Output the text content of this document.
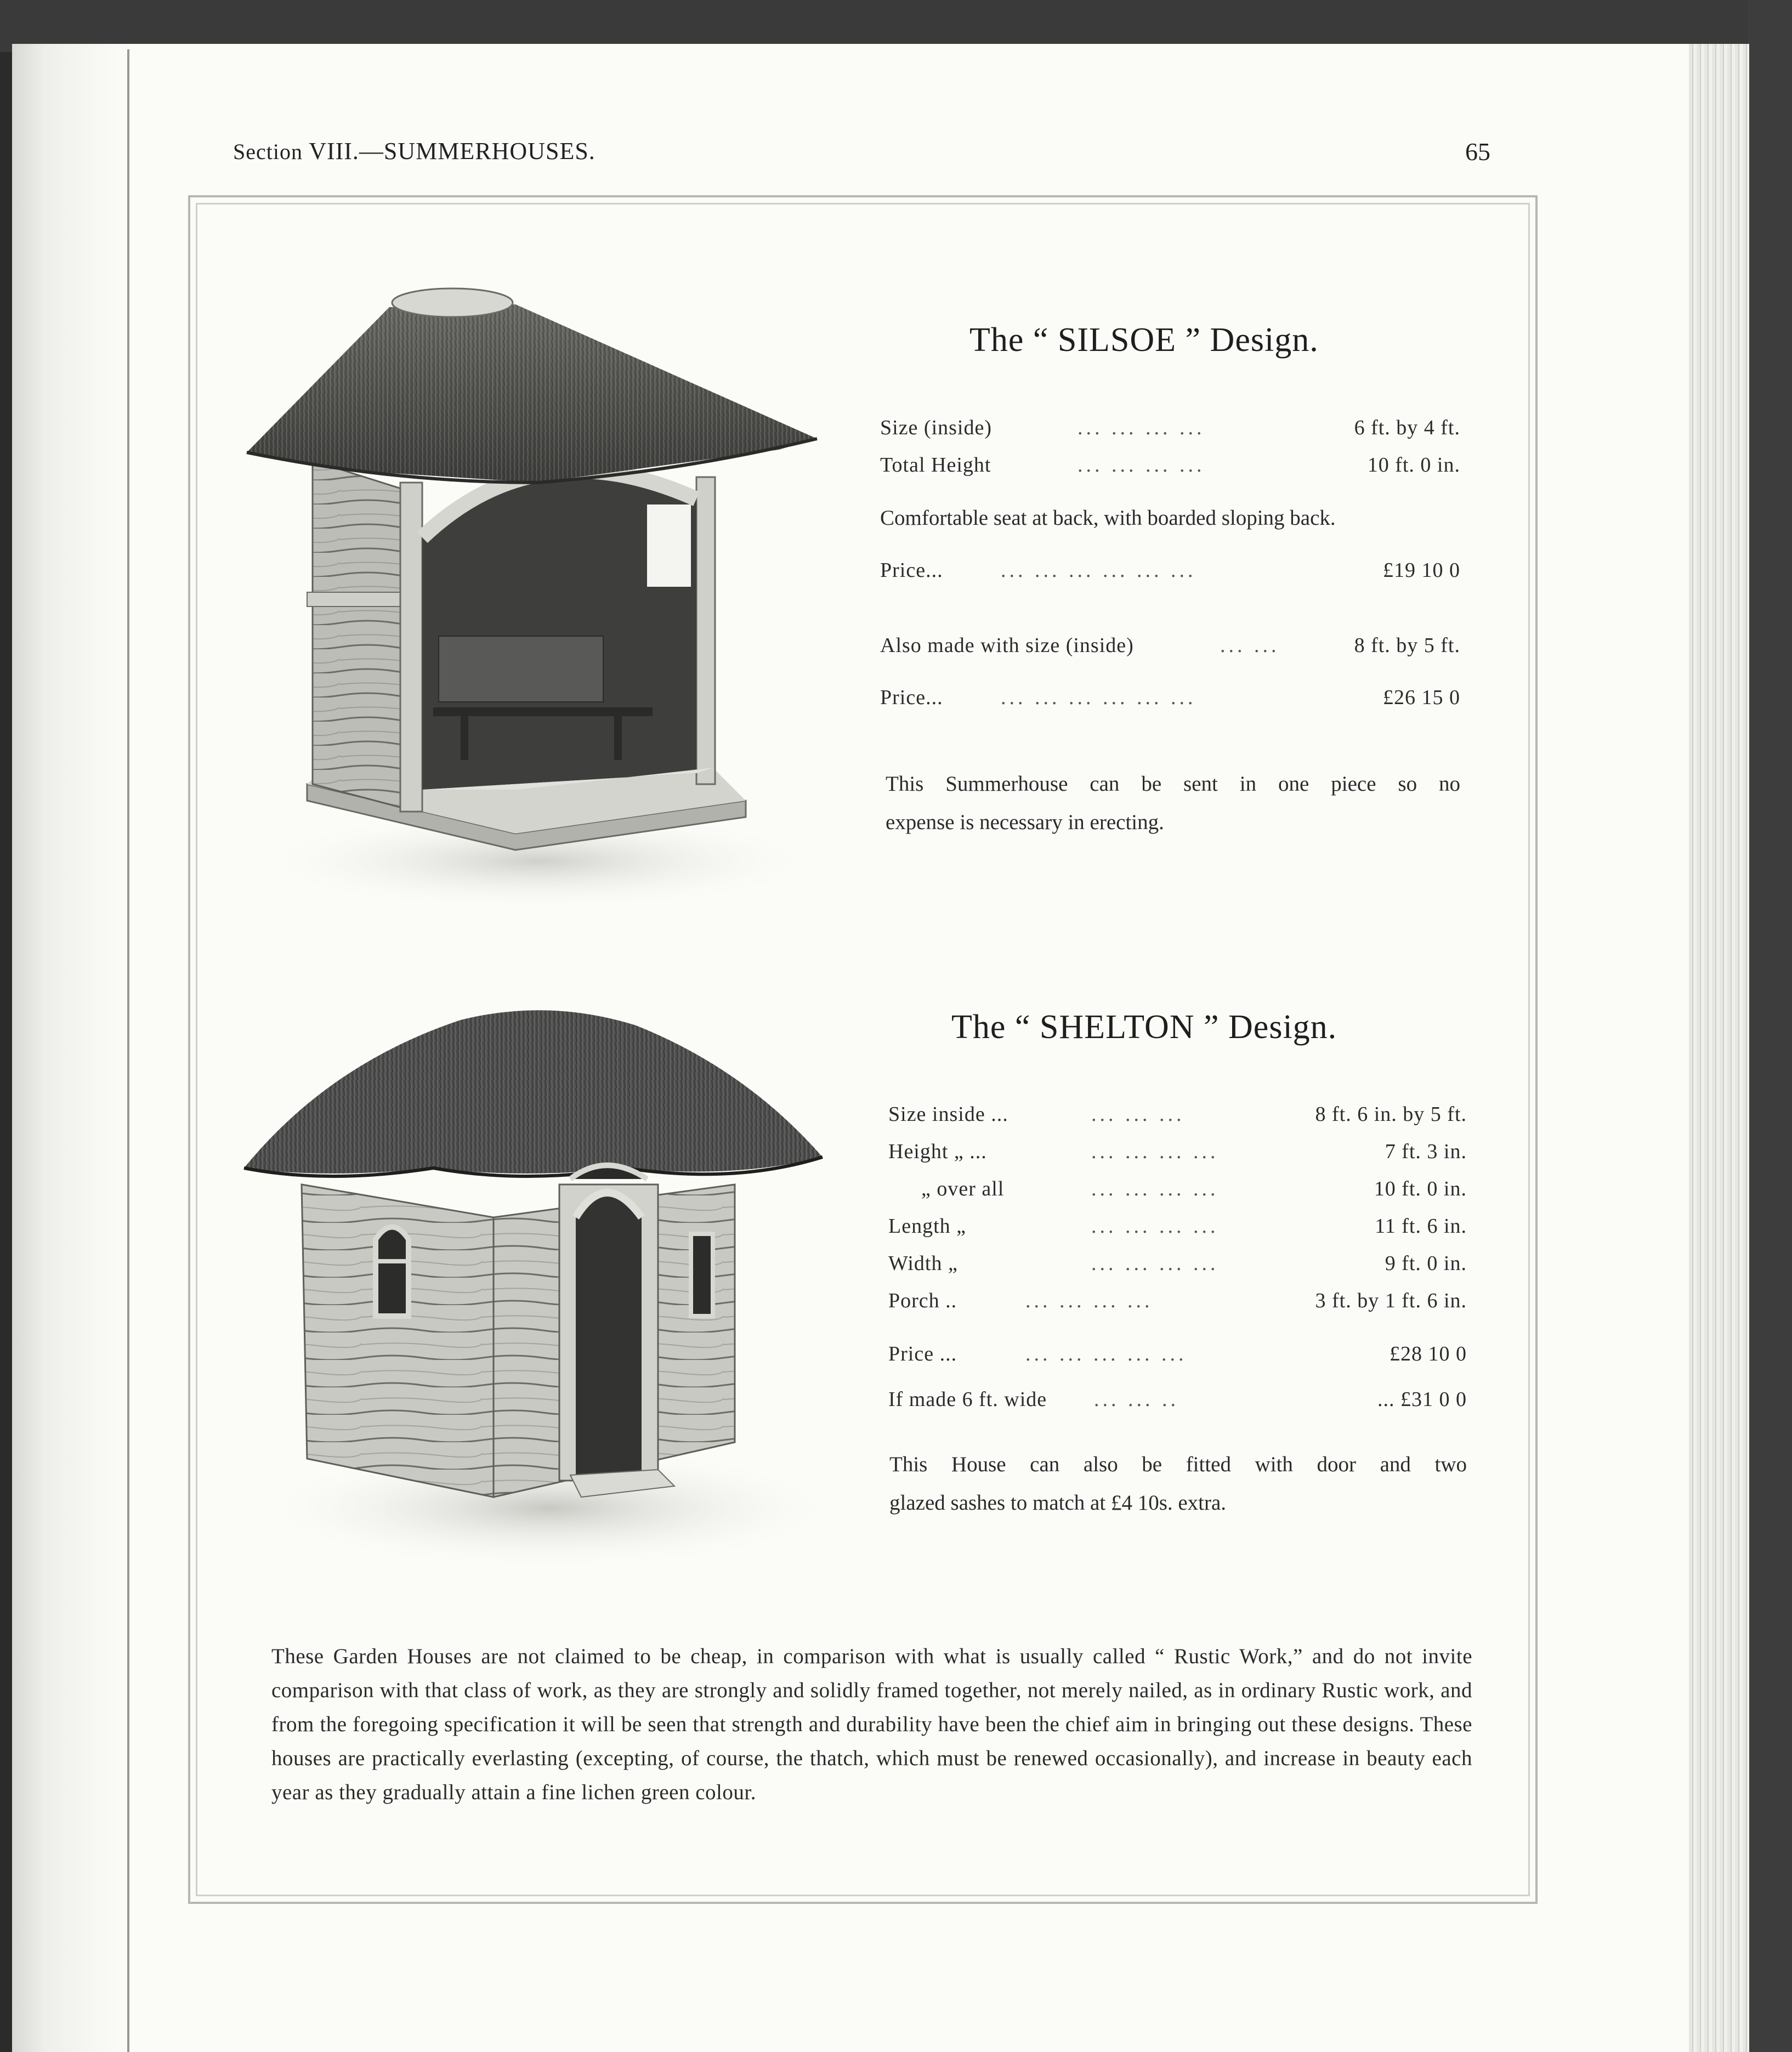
Section VIII.—SUMMERHOUSES.	65
The “ SILSOE ” Design.
Size (inside)	... ... ... ...	6 ft. by 4 ft.
Total Height	... ... ... ...	10 ft. 0 in.
Comfortable seat at back, with boarded sloping back.
Price...	... ... ... ... ... ...	£19 10 0
Also made with size (inside)	... ...	8 ft. by 5 ft.
Price...	... ... ... ... ... ...	£26 15 0
This Summerhouse can be sent in one piece so no
expense is necessary in erecting.
The “ SHELTON ” Design.
Size inside ...	... ... ...	8 ft. 6 in. by 5 ft.
Height „ ...	... ... ... ...	7 ft. 3 in.
„ over all	... ... ... ...	10 ft. 0 in.
Length „	... ... ... ...	11 ft. 6 in.
Width „	... ... ... ...	9 ft. 0 in.
Porch ..	... ... ... ...	3 ft. by 1 ft. 6 in.
Price ...	... ... ... ... ...	£28 10 0
If made 6 ft. wide ... ... ..	... £31 0 0
This House can also be fitted with door and two
glazed sashes to match at £4 10s. extra.
These Garden Houses are not claimed to be cheap, in comparison with what is usually called “ Rustic Work,” and do not invite comparison with that class of work, as they are strongly and solidly framed together, not merely nailed, as in ordinary Rustic work, and from the foregoing specification it will be seen that strength and durability have been the chief aim in bringing out these designs. These houses are practically everlasting (excepting, of course, the thatch, which must be renewed occasionally), and increase in beauty each year as they gradually attain a fine lichen green colour.
